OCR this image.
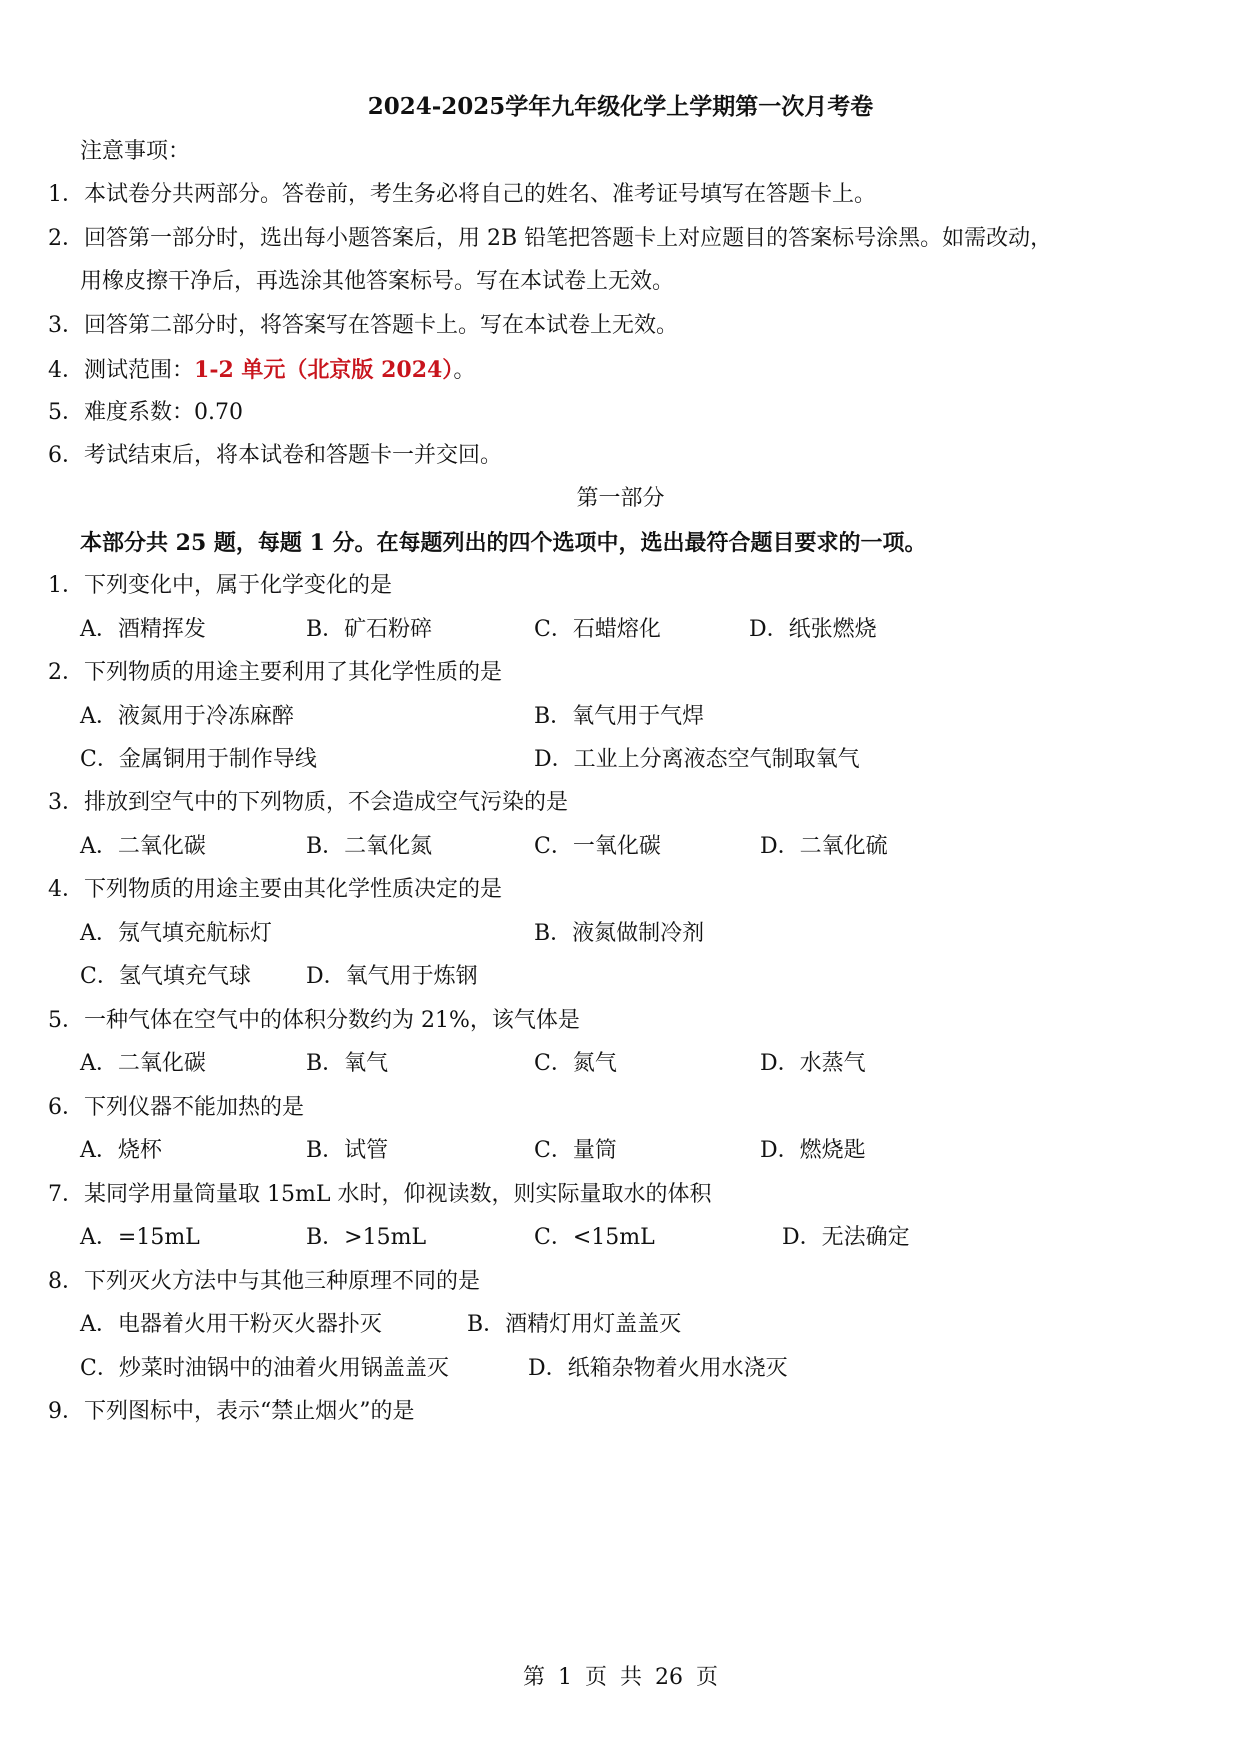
2024-2025学年九年级化学上学期第一次月考卷
注意事项：
1．本试卷分共两部分。答卷前，考生务必将自己的姓名、准考证号填写在答题卡上。
2．回答第一部分时，选出每小题答案后，用 2B 铅笔把答题卡上对应题目的答案标号涂黑。如需改动，
用橡皮擦干净后，再选涂其他答案标号。写在本试卷上无效。
3．回答第二部分时，将答案写在答题卡上。写在本试卷上无效。
4．测试范围：1-2 单元（北京版 2024）。
5．难度系数：0.70
6．考试结束后，将本试卷和答题卡一并交回。
第一部分
本部分共 25 题，每题 1 分。在每题列出的四个选项中，选出最符合题目要求的一项。
1．下列变化中，属于化学变化的是
A．酒精挥发	B．矿石粉碎	C．石蜡熔化	D．纸张燃烧
2．下列物质的用途主要利用了其化学性质的是
A．液氮用于冷冻麻醉	B．氧气用于气焊
C．金属铜用于制作导线	D．工业上分离液态空气制取氧气
3．排放到空气中的下列物质，不会造成空气污染的是
A．二氧化碳	B．二氧化氮	C．一氧化碳	D．二氧化硫
4．下列物质的用途主要由其化学性质决定的是
A．氖气填充航标灯	B．液氮做制冷剂
C．氢气填充气球	D．氧气用于炼钢
5．一种气体在空气中的体积分数约为 21%，该气体是
A．二氧化碳	B．氧气	C．氮气	D．水蒸气
6．下列仪器不能加热的是
A．烧杯	B．试管	C．量筒	D．燃烧匙
7．某同学用量筒量取 15mL 水时，仰视读数，则实际量取水的体积
A．=15mL	B．>15mL	C．<15mL	D．无法确定
8．下列灭火方法中与其他三种原理不同的是
A．电器着火用干粉灭火器扑灭	B．酒精灯用灯盖盖灭
C．炒菜时油锅中的油着火用锅盖盖灭	D．纸箱杂物着火用水浇灭
9．下列图标中，表示“禁止烟火”的是
第 1 页 共 26 页
